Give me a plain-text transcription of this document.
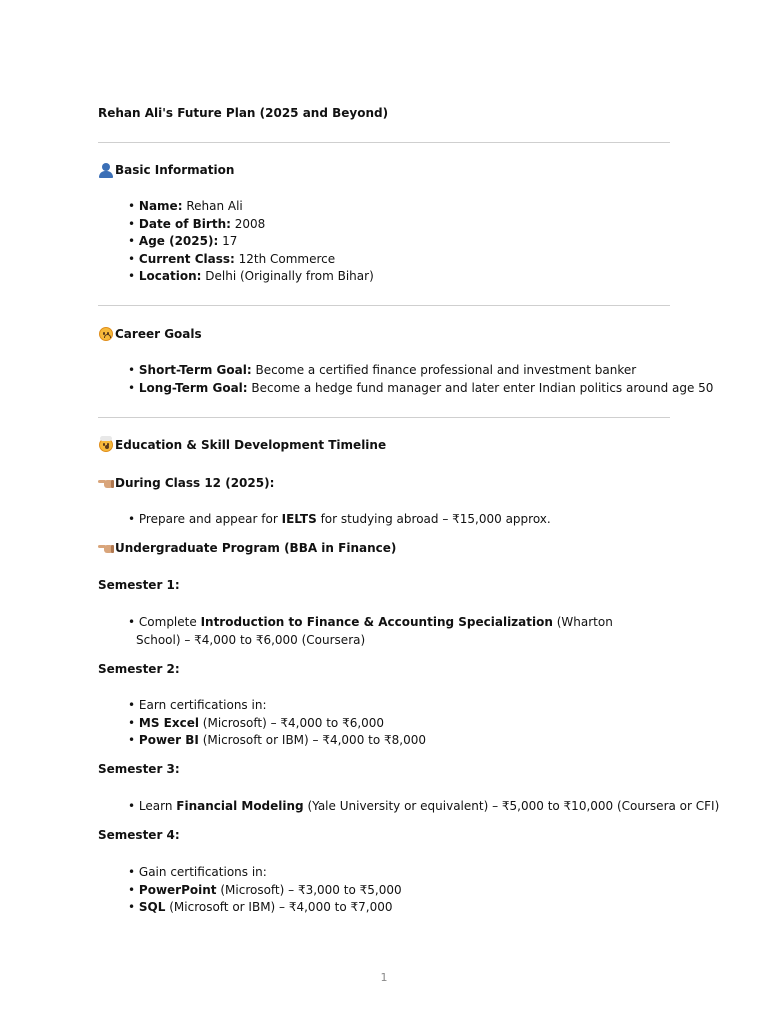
Rehan Ali's Future Plan (2025 and Beyond)
Basic Information
• Name: Rehan Ali
• Date of Birth: 2008
• Age (2025): 17
• Current Class: 12th Commerce
• Location: Delhi (Originally from Bihar)
Career Goals
• Short-Term Goal: Become a certified finance professional and investment banker
• Long-Term Goal: Become a hedge fund manager and later enter Indian politics around age 50
Education & Skill Development Timeline
During Class 12 (2025):
• Prepare and appear for IELTS for studying abroad – ₹15,000 approx.
Undergraduate Program (BBA in Finance)
Semester 1:
• Complete Introduction to Finance & Accounting Specialization (Wharton School) – ₹4,000 to ₹6,000 (Coursera)
Semester 2:
• Earn certifications in:
• MS Excel (Microsoft) – ₹4,000 to ₹6,000
• Power BI (Microsoft or IBM) – ₹4,000 to ₹8,000
Semester 3:
• Learn Financial Modeling (Yale University or equivalent) – ₹5,000 to ₹10,000 (Coursera or CFI)
Semester 4:
• Gain certifications in:
• PowerPoint (Microsoft) – ₹3,000 to ₹5,000
• SQL (Microsoft or IBM) – ₹4,000 to ₹7,000
1
